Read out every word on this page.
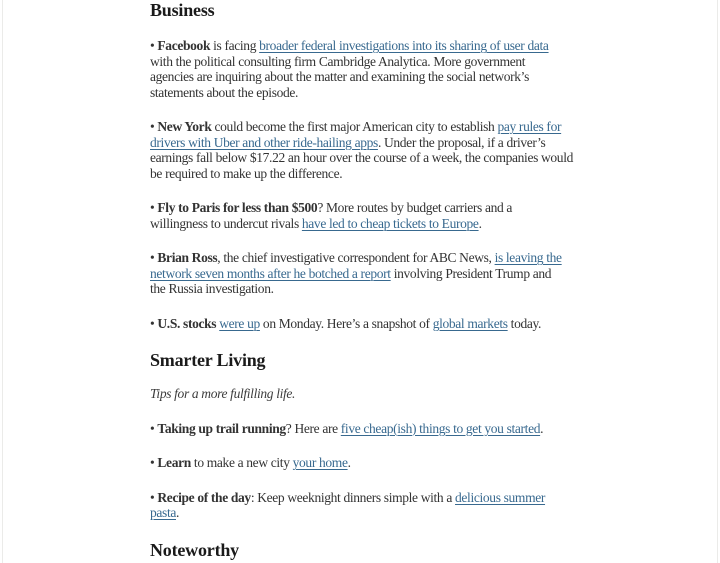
Business
• Facebook is facing broader federal investigations into its sharing of user data
with the political consulting firm Cambridge Analytica. More government
agencies are inquiring about the matter and examining the social network’s
statements about the episode.
• New York could become the first major American city to establish pay rules for
drivers with Uber and other ride-hailing apps. Under the proposal, if a driver’s
earnings fall below $17.22 an hour over the course of a week, the companies would
be required to make up the difference.
• Fly to Paris for less than $500? More routes by budget carriers and a
willingness to undercut rivals have led to cheap tickets to Europe.
• Brian Ross, the chief investigative correspondent for ABC News, is leaving the
network seven months after he botched a report involving President Trump and
the Russia investigation.
• U.S. stocks were up on Monday. Here’s a snapshot of global markets today.
Smarter Living
Tips for a more fulfilling life.
• Taking up trail running? Here are five cheap(ish) things to get you started.
• Learn to make a new city your home.
• Recipe of the day: Keep weeknight dinners simple with a delicious summer
pasta.
Noteworthy
